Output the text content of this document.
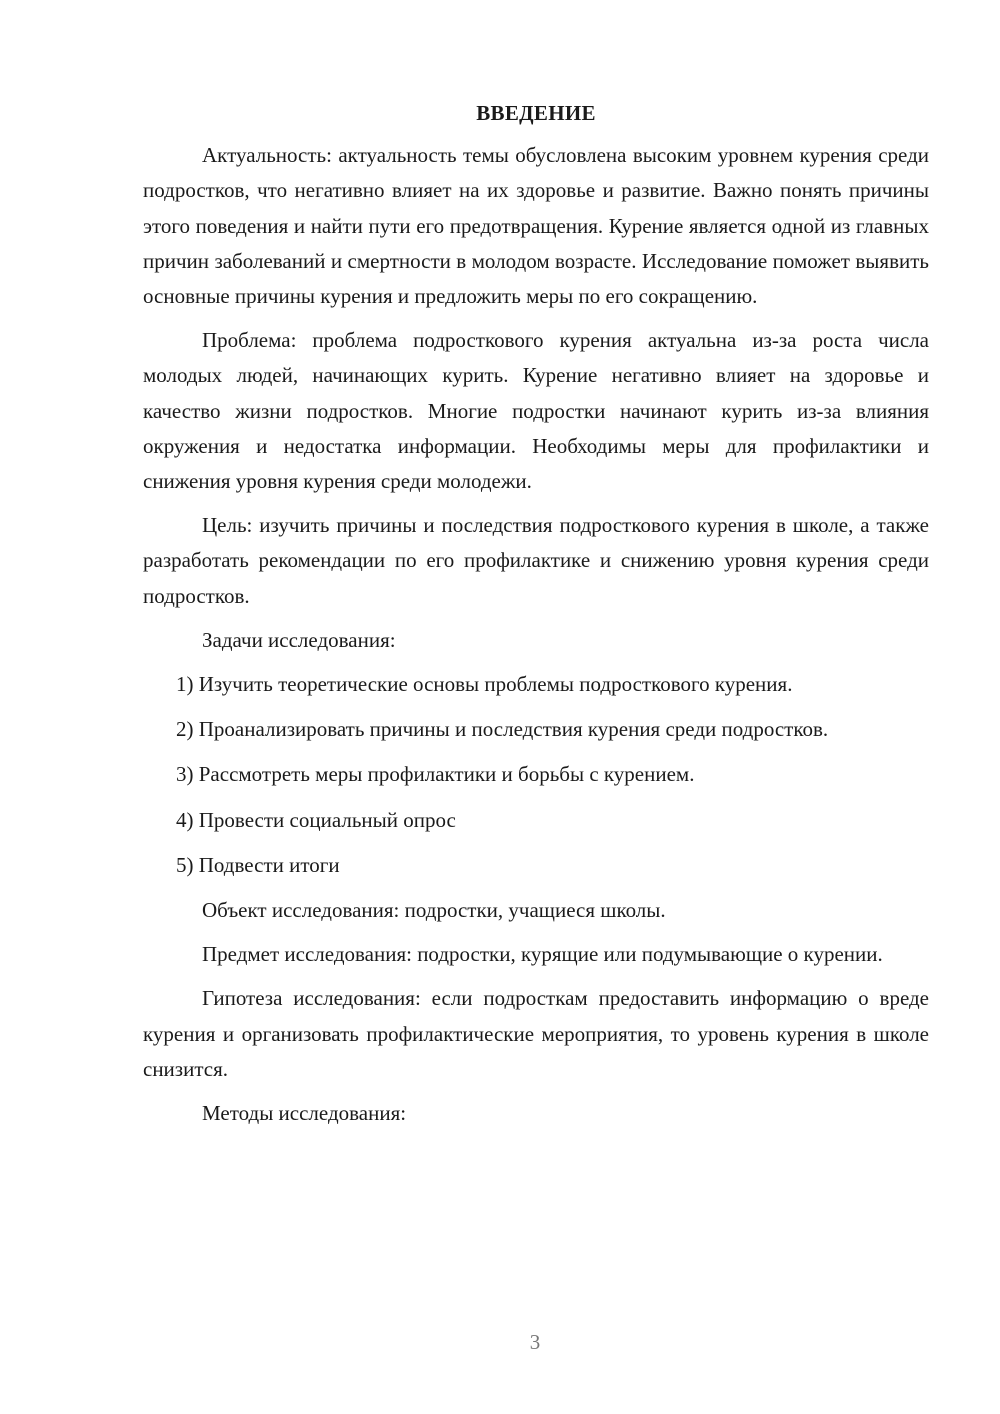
ВВЕДЕНИЕ

Актуальность: актуальность темы обусловлена высоким уровнем курения среди подростков, что негативно влияет на их здоровье и развитие. Важно понять причины этого поведения и найти пути его предотвращения. Курение является одной из главных причин заболеваний и смертности в молодом возрасте. Исследование поможет выявить основные причины курения и предложить меры по его сокращению.

Проблема: проблема подросткового курения актуальна из-за роста числа молодых людей, начинающих курить. Курение негативно влияет на здоровье и качество жизни подростков. Многие подростки начинают курить из-за влияния окружения и недостатка информации. Необходимы меры для профилактики и снижения уровня курения среди молодежи.

Цель: изучить причины и последствия подросткового курения в школе, а также разработать рекомендации по его профилактике и снижению уровня курения среди подростков.

Задачи исследования:

1) Изучить теоретические основы проблемы подросткового курения.

2) Проанализировать причины и последствия курения среди подростков.

3) Рассмотреть меры профилактики и борьбы с курением.

4) Провести социальный опрос

5) Подвести итоги

Объект исследования: подростки, учащиеся школы.

Предмет исследования: подростки, курящие или подумывающие о курении.

Гипотеза исследования: если подросткам предоставить информацию о вреде курения и организовать профилактические мероприятия, то уровень курения в школе снизится.

Методы исследования:

3
